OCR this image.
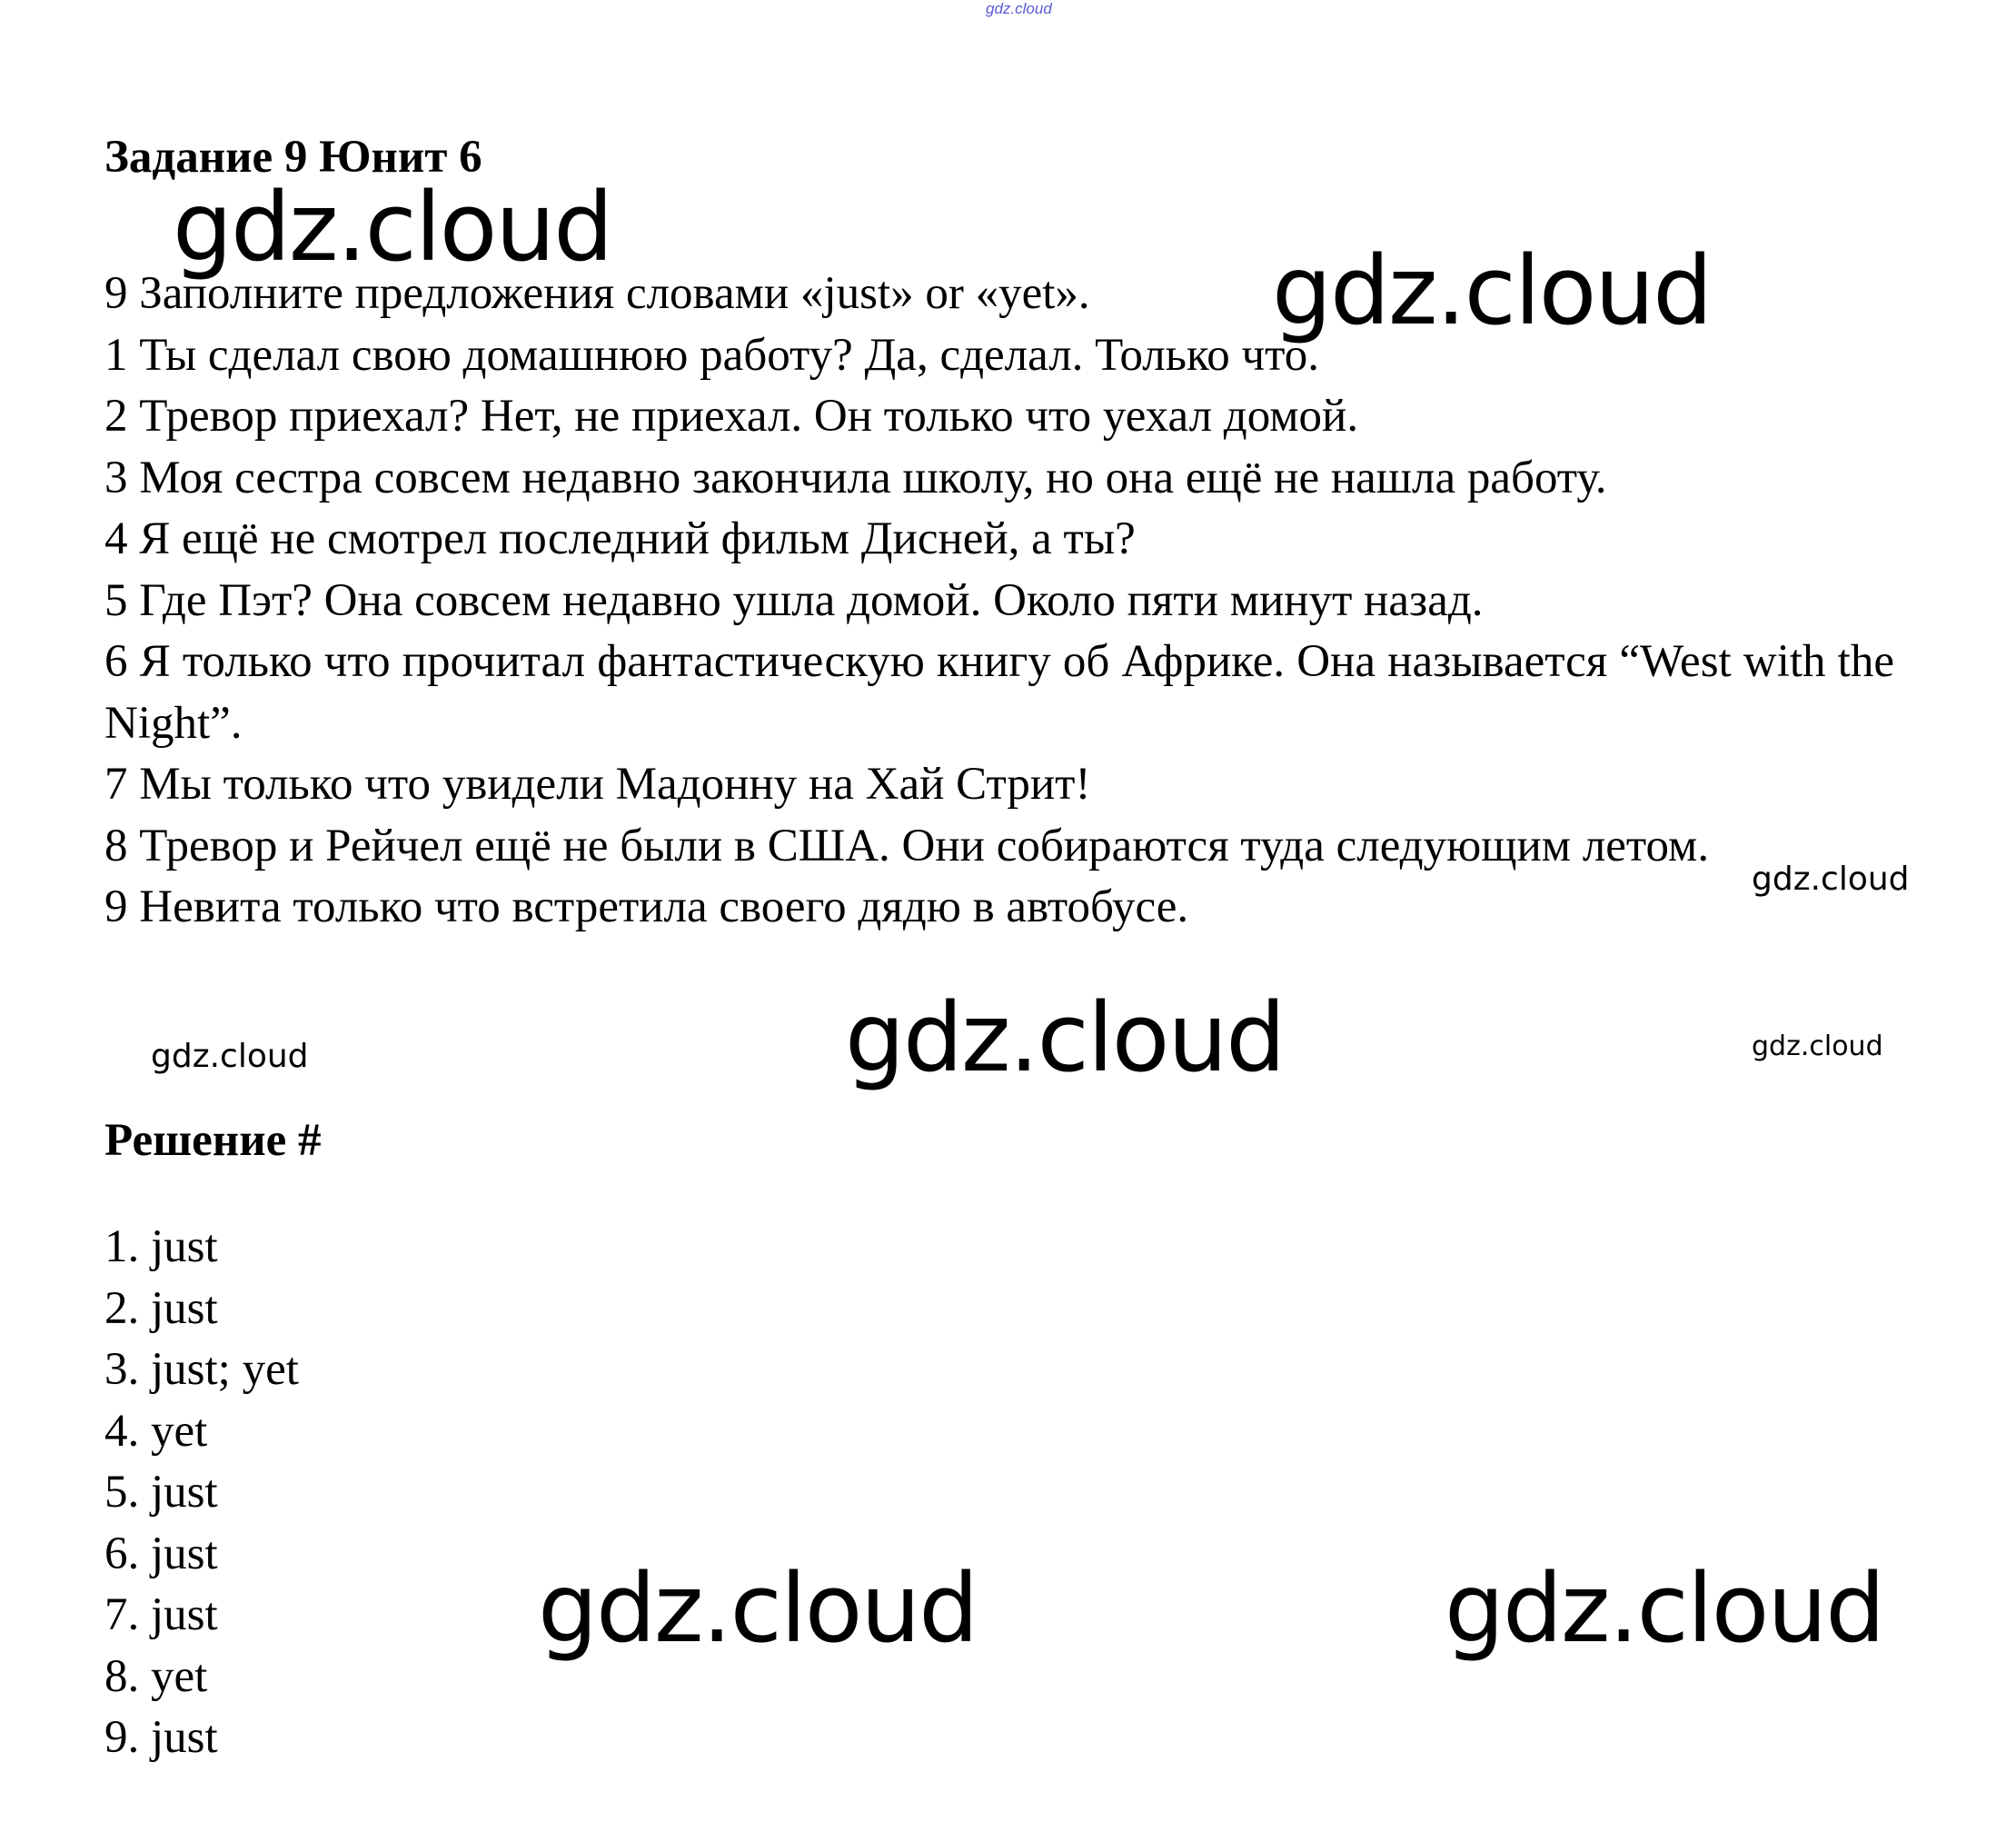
gdz.cloud
Задание 9 Юнит 6
9 Заполните предложения словами «just» or «yet».
1 Ты сделал свою домашнюю работу? Да, сделал. Только что.
2 Тревор приехал? Нет, не приехал. Он только что уехал домой.
3 Моя сестра совсем недавно закончила школу, но она ещё не нашла работу.
4 Я ещё не смотрел последний фильм Дисней, а ты?
5 Где Пэт? Она совсем недавно ушла домой. Около пяти минут назад.
6 Я только что прочитал фантастическую книгу об Африке. Она называется “West with the Night”.
7 Мы только что увидели Мадонну на Хай Стрит!
8 Тревор и Рейчел ещё не были в США. Они собираются туда следующим летом.
9 Невита только что встретила своего дядю в автобусе.
Решение #
1. just
2. just
3. just; yet
4. yet
5. just
6. just
7. just
8. yet
9. just
gdz.cloud
gdz.cloud
gdz.cloud
gdz.cloud	gdz.cloud	gdz.cloud
gdz.cloud	gdz.cloud
